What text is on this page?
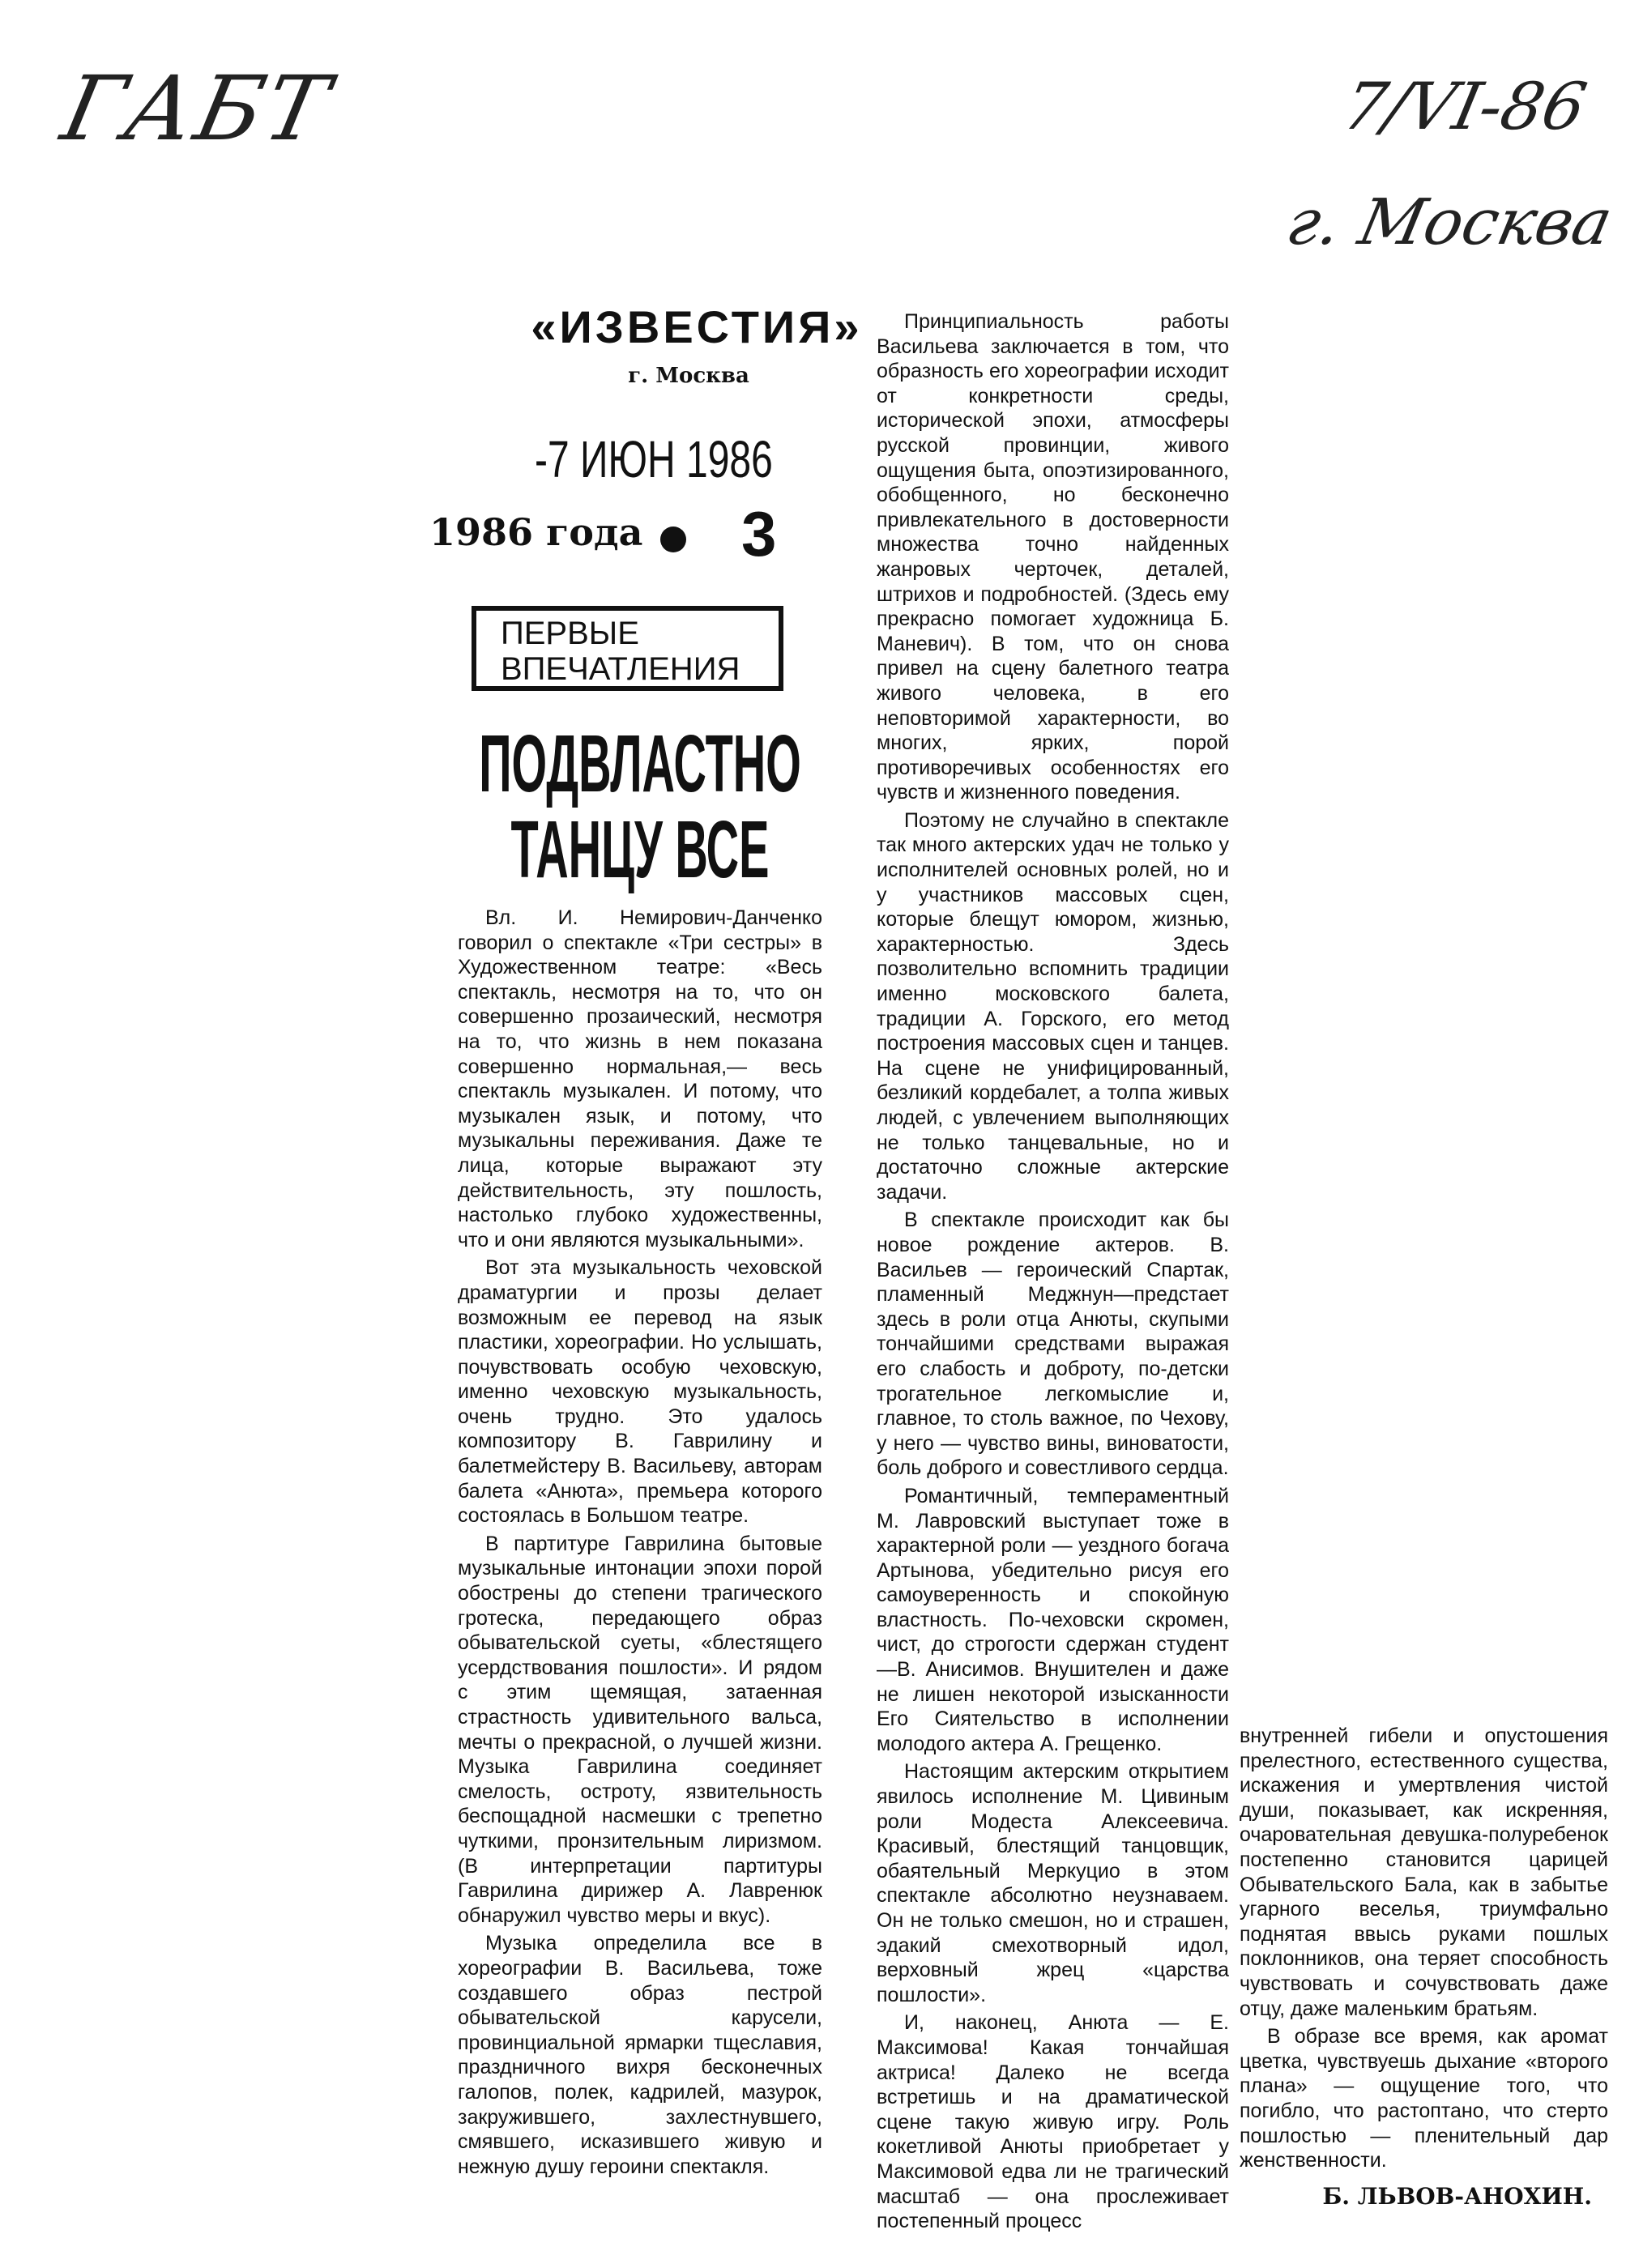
ГАБТ	7/VI-86
г. Москва
«ИЗВЕСТИЯ»
г. Москва
-7 ИЮН 1986
1986 года 3
ПЕРВЫЕ
ВПЕЧАТЛЕНИЯ
ПОДВЛАСТНО
ТАНЦУ ВСЕ

Вл. И. Немирович-Данченко говорил о спектакле «Три сестры» в Художественном театре: «Весь спектакль, несмотря на то, что он совершенно прозаический, несмотря на то, что жизнь в нем показана совершенно нормальная,— весь спектакль музыкален. И потому, что музыкален язык, и потому, что музыкальны переживания. Даже те лица, которые выражают эту действительность, эту пошлость, настолько глубоко художественны, что и они являются музыкальными».

Вот эта музыкальность чеховской драматургии и прозы делает возможным ее перевод на язык пластики, хореографии. Но услышать, почувствовать особую чеховскую, именно чеховскую музыкальность, очень трудно. Это удалось композитору В. Гаврилину и балетмейстеру В. Васильеву, авторам балета «Анюта», премьера которого состоялась в Большом театре.

В партитуре Гаврилина бытовые музыкальные интонации эпохи порой обострены до степени трагического гротеска, передающего образ обывательской суеты, «блестящего усердствования пошлости». И рядом с этим щемящая, затаенная страстность удивительного вальса, мечты о прекрасной, о лучшей жизни. Музыка Гаврилина соединяет смелость, остроту, язвительность беспощадной насмешки с трепетно чуткими, пронзительным лиризмом. (В интерпретации партитуры Гаврилина дирижер А. Лавренюк обнаружил чувство меры и вкус).

Музыка определила все в хореографии В. Васильева, тоже создавшего образ пестрой обывательской карусели, провинциальной ярмарки тщеславия, праздничного вихря бесконечных галопов, полек, кадрилей, мазурок, закружившего, захлестнувшего, смявшего, исказившего живую и нежную душу героини спектакля.

Принципиальность работы Васильева заключается в том, что образность его хореографии исходит от конкретности среды, исторической эпохи, атмосферы русской провинции, живого ощущения быта, опоэтизированного, обобщенного, но бесконечно привлекательного в достоверности множества точно найденных жанровых черточек, деталей, штрихов и подробностей. (Здесь ему прекрасно помогает художница Б. Маневич). В том, что он снова привел на сцену балетного театра живого человека, в его неповторимой характерности, во многих, ярких, порой противоречивых особенностях его чувств и жизненного поведения.

Поэтому не случайно в спектакле так много актерских удач не только у исполнителей основных ролей, но и у участников массовых сцен, которые блещут юмором, жизнью, характерностью. Здесь позволительно вспомнить традиции именно московского балета, традиции А. Горского, его метод построения массовых сцен и танцев. На сцене не унифицированный, безликий кордебалет, а толпа живых людей, с увлечением выполняющих не только танцевальные, но и достаточно сложные актерские задачи.

В спектакле происходит как бы новое рождение актеров. В. Васильев — героический Спартак, пламенный Меджнун—предстает здесь в роли отца Анюты, скупыми тончайшими средствами выражая его слабость и доброту, по-детски трогательное легкомыслие и, главное, то столь важное, по Чехову, у него — чувство вины, виноватости, боль доброго и совестливого сердца.

Романтичный, темпераментный М. Лавровский выступает тоже в характерной роли — уездного богача Артынова, убедительно рисуя его самоуверенность и спокойную властность. По-чеховски скромен, чист, до строгости сдержан студент—В. Анисимов. Внушителен и даже не лишен некоторой изысканности Его Сиятельство в исполнении молодого актера А. Грещенко.

Настоящим актерским открытием явилось исполнение М. Цивиным роли Модеста Алексеевича. Красивый, блестящий танцовщик, обаятельный Меркуцио в этом спектакле абсолютно неузнаваем. Он не только смешон, но и страшен, эдакий смехотворный идол, верховный жрец «царства пошлости».

И, наконец, Анюта — Е. Максимова! Какая тончайшая актриса! Далеко не всегда встретишь и на драматической сцене такую живую игру. Роль кокетливой Анюты приобретает у Максимовой едва ли не трагический масштаб — она прослеживает постепенный процесс

внутренней гибели и опустошения прелестного, естественного существа, искажения и умертвления чистой души, показывает, как искренняя, очаровательная девушка-полуребенок постепенно становится царицей Обывательского Бала, как в забытье угарного веселья, триумфально поднятая ввысь руками пошлых поклонников, она теряет способность чувствовать и сочувствовать даже отцу, даже маленьким братьям.

В образе все время, как аромат цветка, чувствуешь дыхание «второго плана» — ощущение того, что погибло, что растоптано, что стерто пошлостью — пленительный дар женственности.

Б. ЛЬВОВ-АНОХИН.
